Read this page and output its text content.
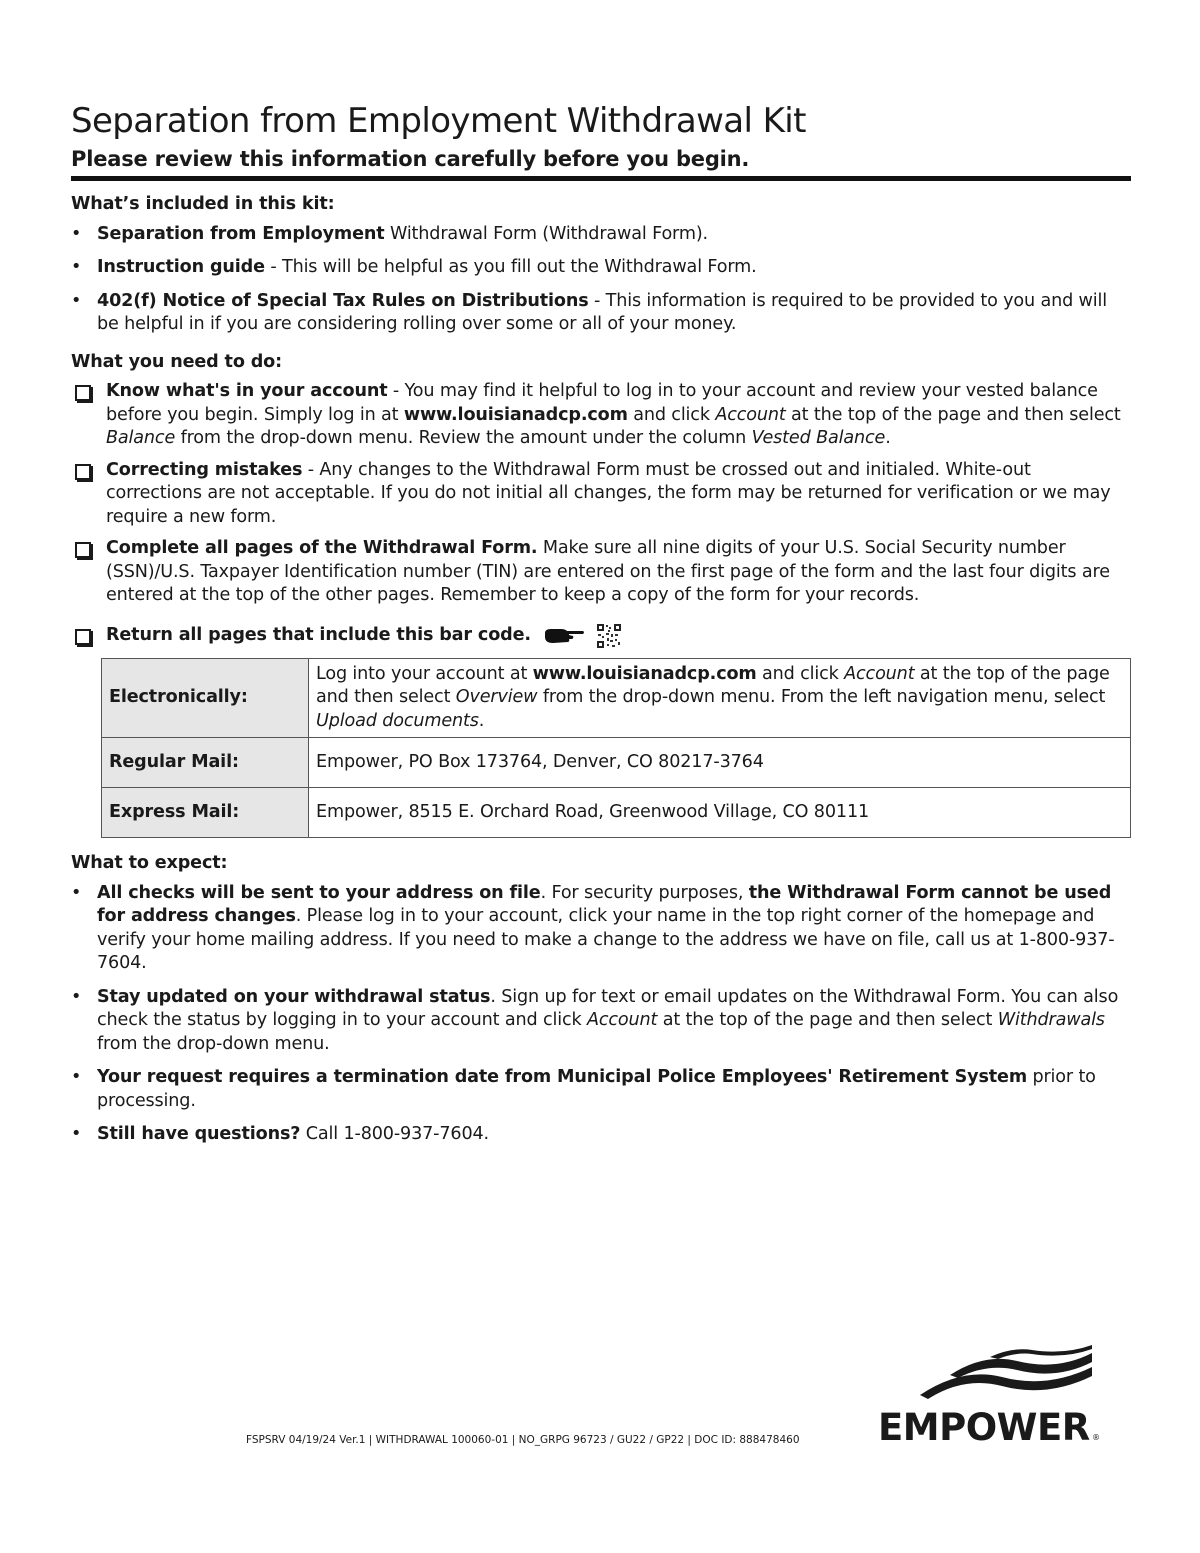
Separation from Employment Withdrawal Kit
Please review this information carefully before you begin.

What’s included in this kit:

• Separation from Employment Withdrawal Form (Withdrawal Form).
• Instruction guide - This will be helpful as you fill out the Withdrawal Form.
• 402(f) Notice of Special Tax Rules on Distributions - This information is required to be provided to you and will be helpful in if you are considering rolling over some or all of your money.

What you need to do:

Know what's in your account - You may find it helpful to log in to your account and review your vested balance before you begin. Simply log in at www.louisianadcp.com and click Account at the top of the page and then select Balance from the drop-down menu. Review the amount under the column Vested Balance.
Correcting mistakes - Any changes to the Withdrawal Form must be crossed out and initialed. White-out corrections are not acceptable. If you do not initial all changes, the form may be returned for verification or we may require a new form.
Complete all pages of the Withdrawal Form. Make sure all nine digits of your U.S. Social Security number (SSN)/U.S. Taxpayer Identification number (TIN) are entered on the first page of the form and the last four digits are entered at the top of the other pages. Remember to keep a copy of the form for your records.
Return all pages that include this bar code.
Electronically:	Log into your account at www.louisianadcp.com and click Account at the top of the page and then select Overview from the drop-down menu. From the left navigation menu, select Upload documents.
Regular Mail:	Empower, PO Box 173764, Denver, CO 80217-3764
Express Mail:	Empower, 8515 E. Orchard Road, Greenwood Village, CO 80111

What to expect:

• All checks will be sent to your address on file. For security purposes, the Withdrawal Form cannot be used for address changes. Please log in to your account, click your name in the top right corner of the homepage and verify your home mailing address. If you need to make a change to the address we have on file, call us at 1-800-937-7604.
• Stay updated on your withdrawal status. Sign up for text or email updates on the Withdrawal Form. You can also check the status by logging in to your account and click Account at the top of the page and then select Withdrawals from the drop-down menu.
• Your request requires a termination date from Municipal Police Employees' Retirement System prior to processing.
• Still have questions? Call 1-800-937-7604.
FSPSRV 04/19/24 Ver.1 | WITHDRAWAL 100060-01 | NO_GRPG 96723 / GU22 / GP22 | DOC ID: 888478460 EMPOWER ®
